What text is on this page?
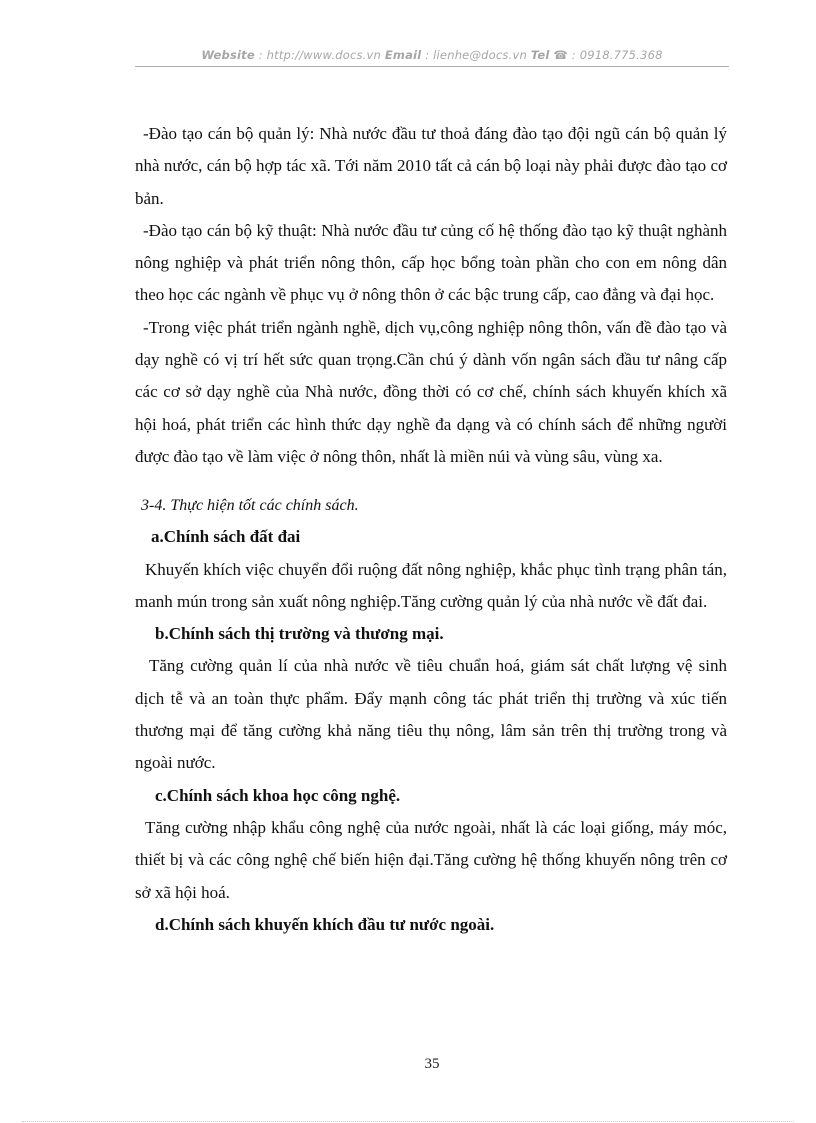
Website : http://www.docs.vn Email : lienhe@docs.vn Tel ☎ : 0918.775.368

-Đào tạo cán bộ quản lý: Nhà nước đầu tư thoả đáng đào tạo đội ngũ cán bộ quản lý nhà nước, cán bộ hợp tác xã. Tới năm 2010 tất cả cán bộ loại này phải được đào tạo cơ bản.

-Đào tạo cán bộ kỹ thuật: Nhà nước đầu tư củng cố hệ thống đào tạo kỹ thuật nghành nông nghiệp và phát triển nông thôn, cấp học bổng toàn phần cho con em nông dân theo học các ngành về phục vụ ở nông thôn ở các bậc trung cấp, cao đẳng và đại học.

-Trong việc phát triển ngành nghề, dịch vụ,công nghiệp nông thôn, vấn đề đào tạo và dạy nghề có vị trí hết sức quan trọng.Cần chú ý dành vốn ngân sách đầu tư nâng cấp các cơ sở dạy nghề của Nhà nước, đồng thời có cơ chế, chính sách khuyến khích xã hội hoá, phát triển các hình thức dạy nghề đa dạng và có chính sách để những người được đào tạo về làm việc ở nông thôn, nhất là miền núi và vùng sâu, vùng xa.

3-4. Thực hiện tốt các chính sách.

a.Chính sách đất đai

Khuyến khích việc chuyển đổi ruộng đất nông nghiệp, khắc phục tình trạng phân tán, manh mún trong sản xuất nông nghiệp.Tăng cường quản lý của nhà nước về đất đai.

b.Chính sách thị trường và thương mại.

Tăng cường quản lí của nhà nước về tiêu chuẩn hoá, giám sát chất lượng vệ sinh dịch tễ và an toàn thực phẩm. Đẩy mạnh công tác phát triển thị trường và xúc tiến thương mại để tăng cường khả năng tiêu thụ nông, lâm sản trên thị trường trong và ngoài nước.

c.Chính sách khoa học công nghệ.

Tăng cường nhập khẩu công nghệ của nước ngoài, nhất là các loại giống, máy móc, thiết bị và các công nghệ chế biến hiện đại.Tăng cường hệ thống khuyến nông trên cơ sở xã hội hoá.

d.Chính sách khuyến khích đầu tư nước ngoài.

35
